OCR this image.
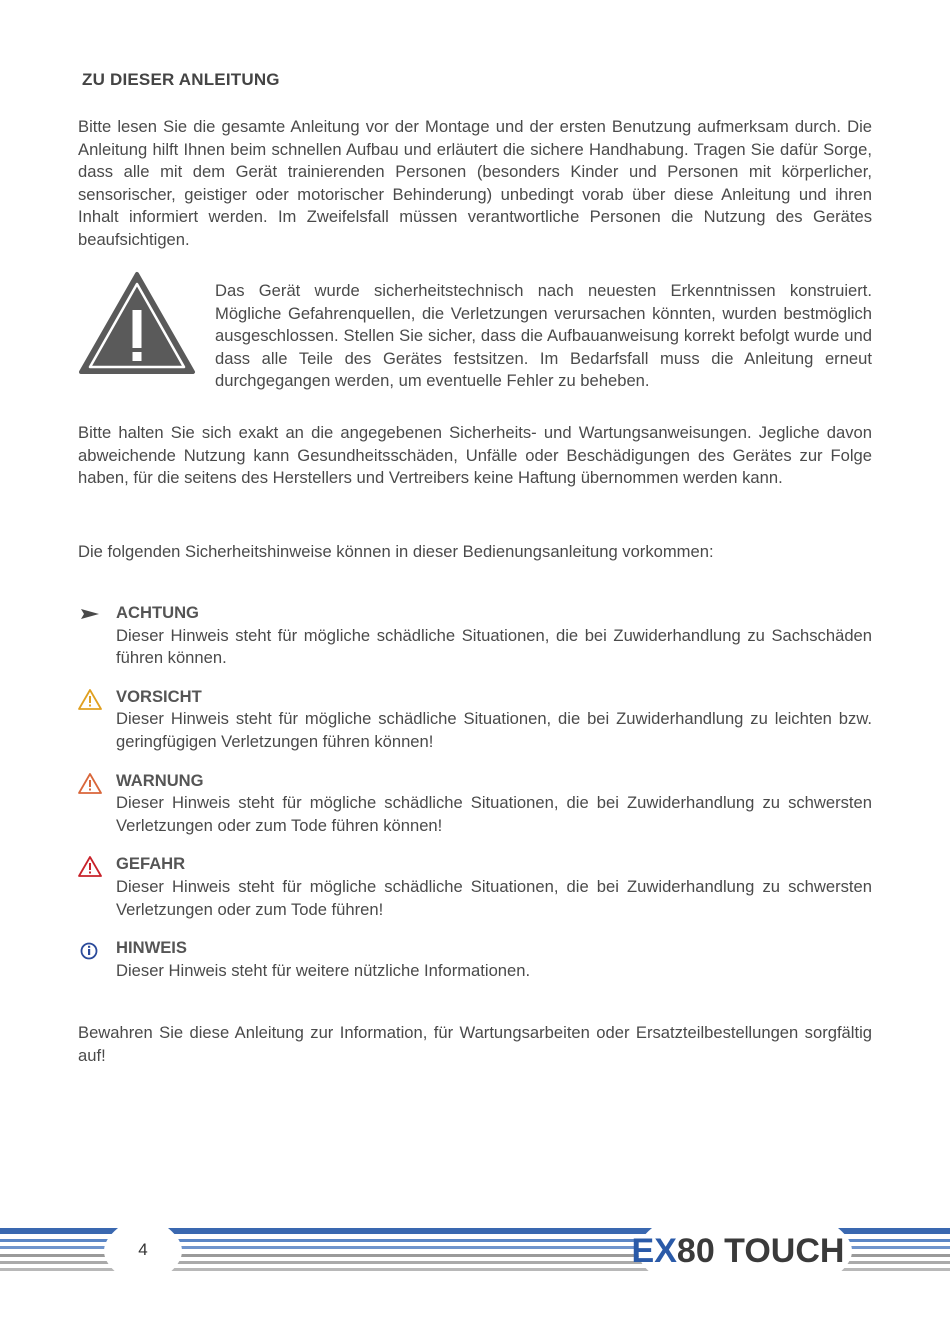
ZU DIESER ANLEITUNG

Bitte lesen Sie die gesamte Anleitung vor der Montage und der ersten Benutzung aufmerksam durch. Die Anleitung hilft Ihnen beim schnellen Aufbau und erläutert die sichere Handhabung. Tragen Sie dafür Sorge, dass alle mit dem Gerät trainierenden Personen (besonders Kinder und Personen mit körperlicher, sensorischer, geistiger oder motorischer Behinderung) unbedingt vorab über diese Anleitung und ihren Inhalt informiert werden. Im Zweifelsfall müssen verantwortliche Personen die Nutzung des Gerätes beaufsichtigen.

Das Gerät wurde sicherheitstechnisch nach neuesten Erkenntnissen konstruiert. Mögliche Gefahrenquellen, die Verletzungen verursachen könnten, wurden bestmöglich ausgeschlossen. Stellen Sie sicher, dass die Aufbauanweisung korrekt befolgt wurde und dass alle Teile des Gerätes festsitzen. Im Bedarfsfall muss die Anleitung erneut durchgegangen werden, um eventuelle Fehler zu beheben.

Bitte halten Sie sich exakt an die angegebenen Sicherheits- und Wartungsanweisungen. Jegliche davon abweichende Nutzung kann Gesundheitsschäden, Unfälle oder Beschädigungen des Gerätes zur Folge haben, für die seitens des Herstellers und Vertreibers keine Haftung übernommen werden kann.

Die folgenden Sicherheitshinweise können in dieser Bedienungsanleitung vorkommen:

ACHTUNG
Dieser Hinweis steht für mögliche schädliche Situationen, die bei Zuwiderhandlung zu Sachschäden führen können.
VORSICHT
Dieser Hinweis steht für mögliche schädliche Situationen, die bei Zuwiderhandlung zu leichten bzw. geringfügigen Verletzungen führen können!
WARNUNG
Dieser Hinweis steht für mögliche schädliche Situationen, die bei Zuwiderhandlung zu schwersten Verletzungen oder zum Tode führen können!
GEFAHR
Dieser Hinweis steht für mögliche schädliche Situationen, die bei Zuwiderhandlung zu schwersten Verletzungen oder zum Tode führen!
HINWEIS
Dieser Hinweis steht für weitere nützliche Informationen.

Bewahren Sie diese Anleitung zur Information, für Wartungsarbeiten oder Ersatzteilbestellungen sorgfältig auf!

4	EX80 TOUCH
